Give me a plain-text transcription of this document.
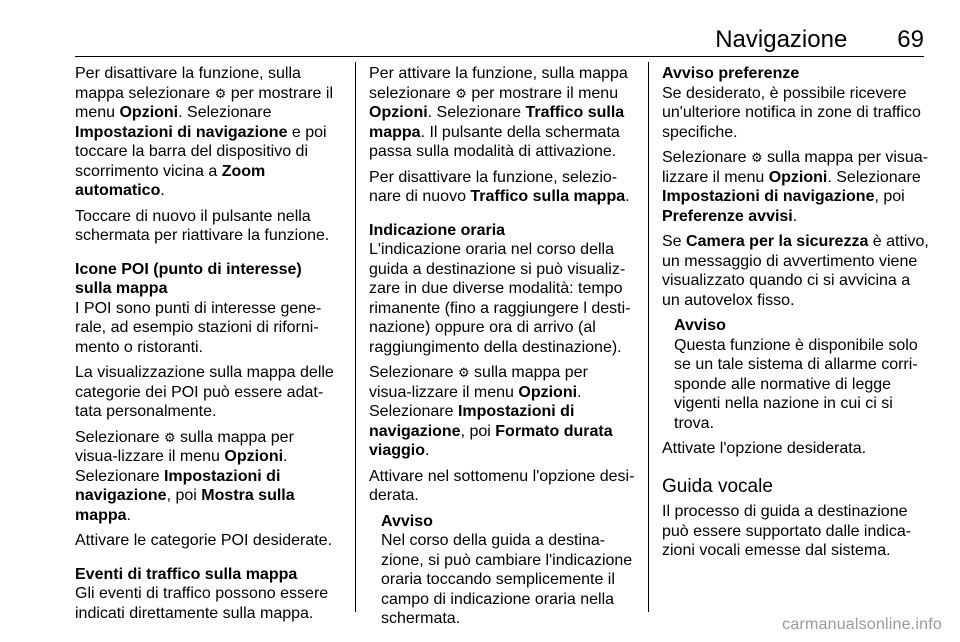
Navigazione 69

Per disattivare la funzione, sulla mappa selezionare ⚙ per mostrare il menu Opzioni. Selezionare Impostazioni di navigazione e poi toccare la barra del dispositivo di scorrimento vicina a Zoom automatico.

Toccare di nuovo il pulsante nella schermata per riattivare la funzione.

Icone POI (punto di interesse) sulla mappa

I POI sono punti di interesse gene-rale, ad esempio stazioni di riforni-mento o ristoranti.

La visualizzazione sulla mappa delle categorie dei POI può essere adat-tata personalmente.

Selezionare ⚙ sulla mappa per visua-lizzare il menu Opzioni. Selezionare Impostazioni di navigazione, poi Mostra sulla mappa.

Attivare le categorie POI desiderate.

Eventi di traffico sulla mappa

Gli eventi di traffico possono essere indicati direttamente sulla mappa.

Per attivare la funzione, sulla mappa selezionare ⚙ per mostrare il menu Opzioni. Selezionare Traffico sulla mappa. Il pulsante della schermata passa sulla modalità di attivazione.

Per disattivare la funzione, selezio-nare di nuovo Traffico sulla mappa.

Indicazione oraria

L'indicazione oraria nel corso della guida a destinazione si può visualiz-zare in due diverse modalità: tempo rimanente (fino a raggiungere l desti-nazione) oppure ora di arrivo (al raggiungimento della destinazione).

Selezionare ⚙ sulla mappa per visua-lizzare il menu Opzioni. Selezionare Impostazioni di navigazione, poi Formato durata viaggio.

Attivare nel sottomenu l'opzione desi-derata.

Avviso
Nel corso della guida a destina-zione, si può cambiare l'indicazione oraria toccando semplicemente il campo di indicazione oraria nella schermata.
Avviso preferenze

Se desiderato, è possibile ricevere un'ulteriore notifica in zone di traffico specifiche.

Selezionare ⚙ sulla mappa per visua-lizzare il menu Opzioni. Selezionare Impostazioni di navigazione, poi Preferenze avvisi.

Se Camera per la sicurezza è attivo, un messaggio di avvertimento viene visualizzato quando ci si avvicina a un autovelox fisso.

Avviso
Questa funzione è disponibile solo se un tale sistema di allarme corri-sponde alle normative di legge vigenti nella nazione in cui ci si trova.

Attivate l'opzione desiderata.

Guida vocale

Il processo di guida a destinazione può essere supportato dalle indica-zioni vocali emesse dal sistema.

carmanualsonline.info
